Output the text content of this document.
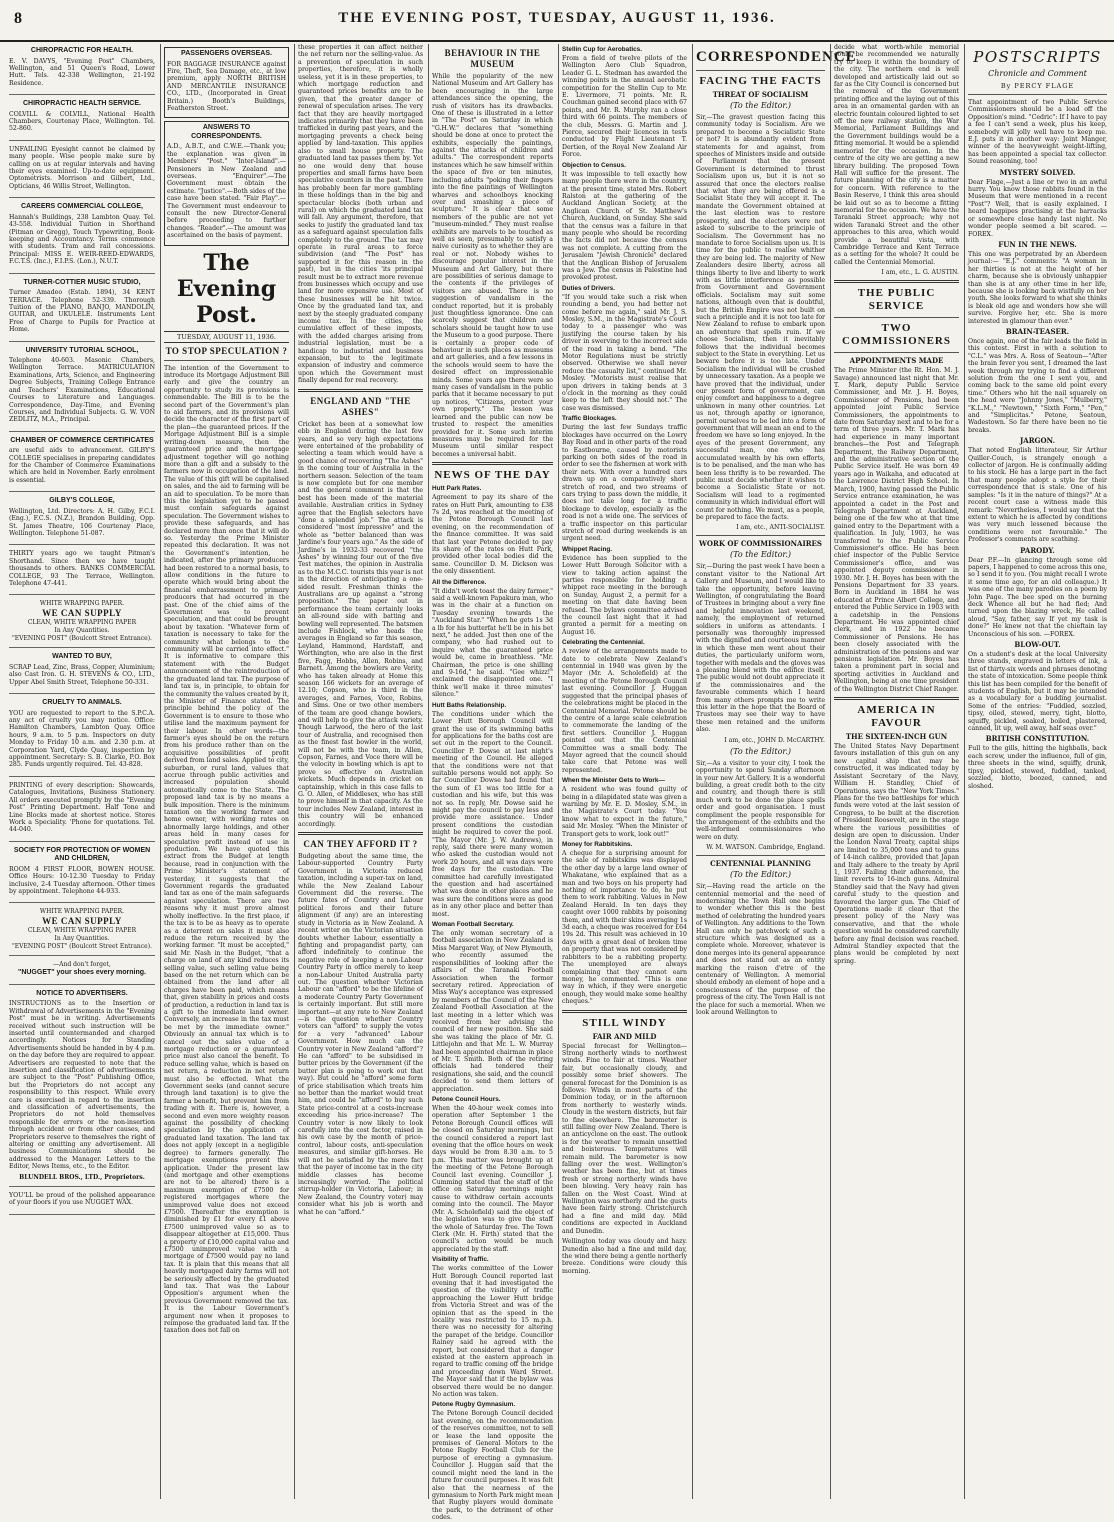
8	THE EVENING POST, TUESDAY, AUGUST 11, 1936.
CHIROPRACTIC FOR HEALTH.

E. V. DAVYS, "Evening Post" Chambers, Wellington, and 51 Queen's Road, Lower Hutt. Tels. 42-338 Wellington, 21-192 Residence.

CHIROPRACTIC HEALTH SERVICE.

COLVILL & COLVILL, National Health Chambers, Courtenay Place, Wellington. Tel. 52-860.

UNFAILING Eyesight cannot be claimed by many people. Wise people make sure by calling on us at regular intervals and having their eyes examined. Up-to-date equipment. Optometrists. Morrison and Gilbert, Ltd., Opticians, 46 Willis Street, Wellington.

CAREERS COMMERCIAL COLLEGE,

Hannah's Buildings, 238 Lambton Quay. Tel. 43-558. Individual Tuition in Shorthand (Pitman or Gregg), Touch Typewriting, Book-keeping and Accountancy. Terms commence with students. Tram and rail concessions. Principal: MISS E. WEIR-REED-EDWARDS, F.C.T.S. (Inc.), F.I.P.S. (Lon.), N.U.T.

TURNER-COTTIER MUSIC STUDIO,

Turner Amadeo (Estab. 1894), 34 KENT TERRACE. Telephone 52-339. Thorough Tuition of the PIANO, BANJO, MANDOLIN, GUITAR, and UKULELE. Instruments Lent Free of Charge to Pupils for Practice at Home.

UNIVERSITY TUTORIAL SCHOOL,

Telephone 40-603. Masonic Chambers, Wellington Terrace. MATRICULATION Examinations, Arts, Science, and Engineering Degree Subjects, Training College Entrance and Teachers' Examinations, Educational Courses to Literature and Languages. Correspondence, Day-Time, and Evening Courses, and Individual Subjects. G. W. VON ZEDLITZ, M.A., Principal.

CHAMBER OF COMMERCE CERTIFICATES

are useful aids to advancement. GILBY'S COLLEGE specialises in preparing candidates for the Chamber of Commerce Examinations which are held in November. Early enrolment is essential.

GILBY'S COLLEGE,

Wellington, Ltd. Directors: A. H. Gilby, F.C.I. (Eng.), F.C.S. (N.Z.), Brandon Building, Opp. St. James Theatre, 106 Courtenay Place, Wellington. Telephone 51-087.

THIRTY years ago we taught Pitman's Shorthand. Since then we have taught thousands to others. BANKS COMMERCIAL COLLEGE, 93 The Terrace, Wellington. Telephone 47-441.

WHITE WRAPPING PAPER.
WE CAN SUPPLY
CLEAN, WHITE WRAPPING PAPER
In Any Quantities.
"EVENING POST" (Boulcott Street Entrance).
WANTED TO BUY,

SCRAP Lead, Zinc, Brass, Copper, Aluminium; also Cast Iron. G. H. STEVENS & CO., LTD., Upper Abel Smith Street, Telephone 50-331.

CRUELTY TO ANIMALS.

YOU are requested to report to the S.P.C.A. any act of cruelty you may notice. Office: Hamilton Chambers, Lambton Quay. Office hours, 9 a.m. to 5 p.m. Inspectors on duty Monday to Friday 10 a.m. and 2.30 p.m. at Corporation Yard, Clyde Quay, inspection by appointment. Secretary: S. B. Clarke, P.O. Box 285. Funds urgently required. Tel. 43-828.

PRINTING of every description: Showcards, Catalogues, Invitations, Business Stationery. All orders executed promptly by the "Evening Post" Printing Department. Half Tone and Line Blocks made at shortest notice. Stores Work a Speciality. 'Phone for quotations. Tel. 44-040.

SOCIETY FOR PROTECTION OF WOMEN AND CHILDREN,

ROOM 4 FIRST FLOOR, BOWEN HOUSE. Office Hours: 10-12.30 Tuesday to Friday inclusive, 2-4 Tuesday afternoon. Other times by appointment. Telephone 44-933.

WHITE WRAPPING PAPER.
WE CAN SUPPLY
CLEAN, WHITE WRAPPING PAPER
In Any Quantities.
"EVENING POST" (Boulcott Street Entrance).
—And don't forget,
"NUGGET" your shoes every morning.
NOTICE TO ADVERTISERS.

INSTRUCTIONS as to the Insertion or Withdrawal of Advertisements in the "Evening Post" must be in writing. Advertisements received without such instruction will be inserted until countermanded and charged accordingly. Notices for Standing Advertisements should be handed in by 4 p.m. on the day before they are required to appear. Advertisers are requested to note that the insertion and classification of advertisements are subject to the "Post" Publishing Office, but the Proprietors do not accept any responsibility to this respect. While every care is exercised in regard to the insertion and classification of advertisements, the Proprietors do not hold themselves responsible for errors or the non-insertion through accident or from other causes, and Proprietors reserve to themselves the right of altering or omitting any advertisement. All business Communications should be addressed to the Manager. Letters to the Editor, News Items, etc., to the Editor.

BLUNDELL BROS., LTD., Proprietors.

YOU'LL be proud of the polished appearance of your floors if you use NUGGET WAX.

PASSENGERS OVERSEAS.

FOR BAGGAGE INSURANCE against Fire, Theft, Sea Damage, etc., at low premium, apply NORTH BRITISH AND MERCANTILE INSURANCE CO., LTD., (Incorporated in Great Britain.) Booth's Buildings, Featherston Street.

ANSWERS TO CORRESPONDENTS.

A.D., A.B.T., and C.W.E.—Thank you; the explanation was given in Members' "Post." "Inter-Island".—Pensioners in New Zealand and overseas. "Enquirer".—The Government must obtain the estimate. "Justice".—Both sides of the case have been stated. "Fair Play".—The Government must endeavour to consult the new Director-General before proceeding to further changes. "Reader".—The amount was ascertained on the basis of payment.

The Evening Post.
TUESDAY, AUGUST 11, 1936.
TO STOP SPECULATION ?

The intention of the Government to introduce its Mortgage Adjustment Bill early and give the country an opportunity to study its provisions is commendable. The Bill is to be the second part of the Government's plan to aid farmers, and its provisions will decide the character of the first part of the plan—the guaranteed prices. If the Mortgage Adjustment Bill is a simple writing-down measure, then the guaranteed price and the mortgage adjustment together will go nothing more than a gift and a subsidy to the farmers now in occupation of the land. The value of this gift will be capitalised on sales, and the aid to farming will be an aid to speculation. To be more than this the legislation yet to be passed must contain safeguards against speculation. The Government wishes to provide these safeguards, and has declared more than once that it will do so. Yesterday the Prime Minister repeated this declaration. It was not the Government's intention, he indicated, after the primary producers had been restored to a normal basis, to allow conditions in the future to operate which would bring about the financial embarrassment to primary producers that had occurred in the past. One of the chief aims of the Government was to prevent speculation, and that could be brought about by taxation. "Whatever form of taxation is necessary to take for the community what belongs to the community will be carried into effect." It is informative to compare this statement with the Budget announcement of the reintroduction of the graduated land tax. The purpose of land tax is, in principle, to obtain for the community the values created by it, the Minister of Finance stated. The principle behind the policy of the Government is to ensure to those who utilise land the maximum payment for their labour. In other words—the farmer's eyes should be on the return from his produce rather than on the acquisitive possibilities of profit derived from land sales. Applied to city, suburban, or rural land, values that accrue through public activities and increased population should automatically come to the State. The proposed land tax is by no means a bulk imposition. There is the minimum taxation on the working farmer and home owner, with working rates on abnormally large holdings, and other areas held in many cases for speculative profit instead of use in production. We have quoted this extract from the Budget at length because, read in conjunction with the Prime Minister's statement of yesterday, it suggests that the Government regards the graduated land tax as one of the main safeguards against speculation. There are two reasons why it must prove almost wholly ineffective. In the first place, if the tax is to be as heavy as to operate as a deterrent on sales it must also reduce the return received by the working farmer. "It must be accepted," said Mr. Nash in the Budget, "that a charge on land of any kind reduces its selling value, such selling value being based on the net return which can be obtained from the land after all charges have been paid, which means that, given stability in prices and costs of production, a reduction in land tax is a gift to the immediate land owner. Conversely, an increase in the tax must be met by the immediate owner." Obviously an annual tax which is to cancel out the sales value of a mortgage reduction or a guaranteed price must also cancel the benefit. To reduce selling value, which is based on net return, a reduction in net return must also be effected. What the Government seeks (and cannot secure through land taxation) is to give the farmer a benefit, but prevent him from trading with it. There is, however, a second and even more weighty reason against the possibility of checking speculation by the application of graduated land taxation. The land tax does not apply (except in a negligible degree) to farmers generally. The mortgage exemptions prevent this application. Under the present law (and mortgage and other exemptions are not to be altered) there is a maximum exemption of £7500 for registered mortgages where the unimproved value does not exceed £7500. Thereafter the exemption is diminished by £1 for every £1 above £7500 unimproved value so as to disappear altogether at £15,000. Thus a property of £10,000 capital value and £7500 unimproved value with a mortgage of £7500 would pay no land tax. It is plain that this means that all heavily mortgaged dairy farms will not be seriously affected by the graduated land tax. That was the Labour Opposition's argument when the previous Government removed the tax. It is the Labour Government's argument now when it proposes to reimpose the graduated land tax. If the taxation does not fall on

these properties it can affect neither the net return nor the selling-value. As a prevention of speculation in such properties, therefore, it is wholly useless, yet it is in these properties, to which mortgage reduction and guaranteed prices benefits are to be given, that the greater danger of renewal of speculation arises. The very fact that they are heavily mortgaged indicates primarily that they have been trafficked in during past years, and the mortgaging prevents a check being applied by land-taxation. This applies also to small house property. The graduated land tax passes them by. Yet no one would deny that house properties and small farms have been speculative counters in the past. There has probably been far more gambling in these holdings than in the big and spectacular blocks (both urban and rural) on which the graduated land tax will fall. Any argument, therefore, that seeks to justify the graduated land tax as a safeguard against speculation falls completely to the ground. The tax may operate in rural areas to force subdivision (and "The Post" has supported it for this reason in the past), but in the cities 'its principal result must be to extract more revenue from businesses which occupy and use land for more expensive use. Most of these businesses will be hit twice. Once by the graduated land tax, and next by the steeply graduated company income tax. In the cities, the cumulative effect of these imposts, with the added charges arising from industrial legislation, must be a handicap to industrial and business expansion, but to the legitimate expansion of industry and commerce upon which the Government must finally depend for real recovery.

ENGLAND AND "THE ASHES"

Cricket has been at a somewhat low ebb in England during the last few years, and so very high expectations were entertained of the probability of selecting a team which would have a good chance of recovering "The Ashes" in the coming tour of Australia in the northern season. Selection of the team is now complete but for one member and the general comment is that the best has been made of the material available. Australian critics in Sydney agree that the English selectors have "done a splendid job." The attack is considered "most impressive" and the whole as "better balanced than was Jardine's four years ago." As the side of Jardine's in 1932-33 recovered "the Ashes" by winning four out of the five Test matches, the opinion in Australia as to the M.C.C. tourists this year is not in the direction of anticipating a one-sided result. Freshman thinks the Australians are up against a "strong proposition." The paper out in performance the team certainly looks an all-round side with batting and bowling well represented. The batsmen include Fishlock, who heads the averages in England so far this season, Leyland, Hammond, Hardstaff, and Worthington, who are also in the first five, Fagg, Hobbs, Allen, Robins, and Barnett. Among the bowlers are Verity, who has taken already at Home this season 166 wickets for an average of 12.10; Copson, who is third in the averages, and Farnes, Voce, Robins, and Sims. One or two other members of the team are good change bowlers, and will help to give the attack variety. Though Larwood, the hero of the last tour of Australia, and recognised then as the finest fast bowler in the world, will not be with the team, in Allen, Copson, Farnes, and Voce there will be the velocity in bowling which is apt to prove so effective on Australian wickets. Much depends in cricket on captainship, which in this case falls to G. O. Allen, of Middlesex, who has still to prove himself in that capacity. As the tour includes New Zealand, interest in this country will be enhanced accordingly.

CAN THEY AFFORD IT ?

Budgeting about the same time, the Labour-supported Country Party Government in Victoria reduced taxation, including a super-tax on land, while the New Zealand Labour Government did the reverse. The future fates of Country and Labour political forces and their future alignment (if any) are an interesting study in Victoria as in New Zealand. A recent writer on the Victorian situation doubts whether Labour, essentially a fighting and propagandist party, can afford indefinitely to continue the negative role of keeping a non-Labour Country Party in office merely to keep a non-Labour United Australia party out. The question whether Victorian Labour can "afford" to be the lifeline of a moderate Country Party Government is certainly important. But still more important—at any rate to New Zealand—is the question whether Country voters can "afford" to supply the votes for a very "advanced" Labour Government. How much can the Country voter in New Zealand "afford"? He can "afford" to be subsidised in butter prices by the Government (if the butter plan is going to work out that way). But could he "afford" some form of price stabilisation which treats him no better than the market would treat him, and could he "afford" to buy such State price-control at a costs-increase exceeding his price-increase? The Country voter is now likely to look carefully into the cost factor, raised in his own case by the month of price-control, labour costs, anti-speculation measures, and similar gift-horses. He will not be satisfied by the mere fact that the payer of income tax in the city middle classes has become increasingly worried. The political stirrup-holder (in Victoria, Labour; in New Zealand, the Country voter) may consider what his job is worth and what he can "afford."

BEHAVIOUR IN THE MUSEUM

While the popularity of the new National Museum and Art Gallery has been encouraging in the large attendances since the opening, the rush of visitors has its drawbacks. One of these is illustrated in a letter in "The Post" on Saturday in which "G.H.W." declares that "something should be done at once to protect the exhibits, especially the paintings, against the attacks of children and adults." The correspondent reports instances which he saw himself within the space of five or ten minutes, including adults "poking their fingers into the fine paintings of Wellington wharves and schoolboys knocking over and smashing a piece of sculpture." It is clear that some members of the public are not yet "museum-minded." They must realise exhibits are marvels to be touched as well as seen, presumably to satisfy a naive curiosity as to whether they are real or not. Nobody wishes to discourage popular interest in the Museum and Art Gallery, but there are possibilities of serious damage to the contents if the privileges of visitors are abused. There is no suggestion of vandalism in the conduct reported, but it is probably just thoughtless ignorance. One can scarcely suggest that children and scholars should be taught how to use the Museum to a good purpose. There is certainly a proper code of behaviour in such places as museums and art galleries, and a few lessons in the schools would seem to have the desired effect on impressionable minds. Some years ago there were so many cases of vandalism in the public parks that it became necessary to put up notices, "Citizens, protect your own property." The lesson was learned and the public can now be trusted to respect the amenities provided for it. Some such interim measures may be required for the Museum until similar respect becomes a universal habit.

NEWS OF THE DAY
Hutt Park Rates.

Agreement to pay its share of the rates on Hutt Park, amounting to £38 7s 2d, was reached at the meeting of the Petone Borough Council last evening, on the recommendation of the finance committee. It was said that last year Petone decided to pay its share of the rates on Hutt Park, provided other local bodies did the same. Councillor D. M. Dickson was the only dissentient.

All the Difference.

"It didn't work toast the dairy farmer," said a well-known Papakura man, who was in the chair at a function on Tuesday evening towards the "Auckland Star." "When he gets 1s 3d a lb for his butterfat he'll be in his bet next," he added. Just then one of the company, who had rushed out to inquire what the guaranteed price would be, came in breathless. "Mr. Chairman, the price is one shilling and 9-16d," he said. "Gee whizz!" exclaimed the disappointed one. "I think we'll make it three minutes' silence."

Hutt Baths Relationship.

The conditions under which the Lower Hutt Borough Council will grant the use of its swimming baths for applications for the baths cost are set out in the report to the Council. Councillor P. Dowse at last night's meeting of the Council. He alleged that the conditions were not that suitable persons would not apply. So far Councillor Dowse had found that the sum of £1 was too little for a custodian and his wife, but this was not so. In reply, Mr. Dowse said he might pay the council to pay less and provide more assistance. Under present conditions the custodian might be required to cover the pool. "The Mayor (Mr. J. W. Andrews), in reply, said there were many women who asked the custodian would not work 20 hours, and all was days were free days for the custodian. The committee had carefully investigated the question and had ascertained what was done in other places and he was sure the conditions were as good as in any other place and better than most.

Woman Football Secretary.

The only woman secretary of a football association in New Zealand is Miss Margaret Way, of New Plymouth, who recently assumed the responsibilities of looking after the affairs of the Taranaki Football Association when the former secretary retired. Appreciation of Miss Way's acceptance was expressed by members of the Council of the New Zealand Football Association at the last meeting in a letter which was received from her advising the council of her new position. She said she was taking the place of Mr. G. Littlejohn and that Mr. L. W. Murray had been appointed chairman in place of Mr. T. Smith. Both of the retiring officials had tendered their resignations, she said, and the council decided to send them letters of appreciation.

Petone Council Hours.

When the 40-hour week comes into operation after September 1 the Petone Borough Council offices will be closed on Saturday mornings, but the council considered a report last evening that the office hours on week days would be from 8.30 a.m. to 5 p.m. This matter was brought up at the meeting of the Petone Borough Council last evening. Councillor J. Cumming stated that the staff of the office on Saturday mornings might cause to withdraw certain accounts coming into the council. The Mayor (Mr. A. Scholefield) said the object of the legislation was to give the staff the whole of Saturday free. The Town Clerk (Mr. H. Firth) stated that the council's action would be much appreciated by the staff.

Visibility of Traffic.

The works committee of the Lower Hutt Borough Council reported last evening that it had investigated the question of the visibility of traffic approaching the Lower Hutt bridge from Victoria Street and was of the opinion that as the speed in the locality was restricted to 15 m.p.h. there was no necessity for altering the parapet of the bridge. Councillor Rainey said he agreed with the report, but considered that a danger existed at the eastern approach in regard to traffic coming off the bridge and proceeding down Ward Street. The Mayor said that if the bylaw was observed there would be no danger. No action was taken.

Petone Rugby Gymnasium.

The Petone Borough Council decided last evening, on the recommendation of the reserves committee, not to sell or lease the land opposite the premises of General Motors to the Petone Rugby Football Club for the purpose of erecting a gymnasium. Councillor J. Huggan said that the council might need the land in the future for council purposes. It was felt also that the nearness of the gymnasium to North Park might mean that Rugby players would dominate the park, to the detriment of other codes.

Stellin Cup for Aerobatics.

From a field of twelve pilots of the Wellington Aero Club Squadron, Leader G. L. Stedman has awarded the winning points in the annual aerobatic competition for the Stellin Cup to Mr. E. Livermore, 71 points. Mr. R. Couchman gained second place with 67 points, and Mr. R. Murphy ran a close third with 66 points. The members of the club, Messrs. G. Martin and J. Pierce, secured their licences in tests conducted by Flight Lieutenant T. Dertien, of the Royal New Zealand Air Force.

Objection to Census.

It was impossible to tell exactly how many people there were in the country, at the present time, stated Mrs. Robert Ralston at the gathering of the Auckland Anglican Society, at the Anglican Church of St. Matthew's Church, Auckland, on Sunday. She said that the census was a failure in that many people who should be recording the facts did not because the census was not complete. A cutting from the Jerusalem "Jewish Chronicle" declared that the Anglican Bishop of Jerusalem was a Jew. The census in Palestine had provoked protest.

Duties of Drivers.

"If you would take such a risk when rounding a bend, you had better not come before me again," said Mr. J. S. Mosley, S.M., in the Magistrate's Court today to a passenger who was justifying the course taken by his driver in swerving to the incorrect side of the road in taking a bend. "The Motor Regulations must be strictly observed. Otherwise we shall never reduce the casualty list," continued Mr. Mosley. "Motorists must realise that upon drivers in taking bends at 3 o'clock in the morning as they could keep to the left they should not." The case was dismissed.

Traffic Blockages.

During the last few Sundays traffic blockages have occurred on the Lowry Bay Road and in other parts of the road to Eastbourne, caused by motorists parking on both sides of the road in order to see the fishermen at work with their nets. With over a hundred cars drawn up on a comparatively short stretch of road, and two streams of cars trying to pass down the middle, it does not take long for a traffic blockage to develop, especially as the road is not a wide one. The services of a traffic inspector on this particular stretch of road during weekends is an urgent need.

Whippet Racing.

Evidence has been supplied to the Lower Hutt Borough Solicitor with a view to taking action against the parties responsible for holding a whippet race meeting in the borough on Sunday, August 2, a permit for a meeting on that date having been refused. The bylaws committee advised the council last night that it had granted a permit for a meeting on August 16.

Celebrating the Centennial.

A review of the arrangements made to date to celebrate New Zealand's centennial in 1940 was given by the Mayor (Mr. A. Scholefield) at the meeting of the Petone Borough Council last evening. Councillor J. Huggan suggested that the principal phases of the celebrations might be placed in the Centennial Memorial. Petone should be the centre of a large scale celebration to commemorate the landing of the first settlers. Councillor J. Huggan pointed out that the Centennial Committee was a small body. The Mayor agreed that the council should take care that Petone was well represented.

When the Minister Gets to Work—

A resident who was found guilty of being in a dilapidated state was given a warning by Mr. E. D. Mosley, S.M., in the Magistrate's Court today. "You know what to expect in the future," said Mr. Mosley. "When the Minister of Transport gets to work, look out!"

Money for Rabbitskins.

A cheque for a surprising amount for the sale of rabbitskins was displayed the other day by a large land owner of Whakatane, who explained that as a man and two boys on his property had nothing of importance to do, he put them to work rabbiting. Values in New Zealand Herald. In ten days they caught over 1000 rabbits by poisoning them, and with their skins averaging 1s 3d each, a cheque was received for £64 19s 2d. This result was achieved in 10 days with a great deal of broken time on property that was not considered by rabbiters to be a rabbiting property. The unemployed are always complaining that they cannot earn money, he commented. "This is one way in which, if they were energetic enough, they would make some healthy cheques."

STILL WINDY
FAIR AND MILD

Special forecast for Wellington— Strong northerly winds to northwest winds. Fine to fair at times. Weather fair, but occasionally cloudy, and possibly some brief showers. The general forecast for the Dominion is as follows: Winds in most parts of the Dominion today, or in the afternoon from northerly to westerly winds. Cloudy in the western districts, but fair to fine elsewhere. The barometer is still falling over New Zealand. There is an anticyclone on the east. The outlook is for the weather to remain unsettled and boisterous. Temperatures will remain mild. The barometer is now falling over the west. Wellington's weather has been fine, but at times fresh or strong northerly winds have been blowing. Very heavy rain has fallen on the West Coast. Wind at Wellington was northerly and the gusts have been fairly strong. Christchurch had a fine and mild day. Mild conditions are expected in Auckland and Dunedin.

Wellington today was cloudy and hazy. Dunedin also had a fine and mild day, the wind there being a gentle northerly breeze. Conditions were cloudy this morning.

CORRESPONDENCE
FACING THE FACTS
THREAT OF SOCIALISM
(To the Editor.)

Sir,—The gravest question facing this community today is Socialism. Are we prepared to become a Socialistic State or not? It is abundantly evident from statements for and against, from speeches of Ministers inside and outside of Parliament that the present Government is determined to thrust Socialism upon us, but it is not so assured that once the electors realise that what they are being offered is a Socialist State they will accept it. The mandate the Government obtained at the last election was to restore prosperity, and the electors were not asked to subscribe to the principle of Socialism. The Government has no mandate to force Socialism upon us. It is time for the public to realise whither they are being led. The majority of New Zealanders desire liberty, across all things liberty to live and liberty to work with as little interference as possible from Government and Government officials. Socialism may suit some nations, although even that is doubtful, but the British Empire was not built on such a principle and it is not too late for New Zealand to refuse to embark upon an adventure that spells ruin. If we choose Socialism, then it inevitably follows that the individual becomes subject to the State in everything. Let us beware before it is too late. Under Socialism the individual will be crushed by unnecessary taxation. As a people we have proved that the individual, under our present form of government, can enjoy comfort and happiness to a degree unknown in many other countries. Let us not, through apathy or ignorance, permit ourselves to be led into a form of government that will mean an end to the freedom we have so long enjoyed. In the eyes of the present Government, any successful man, one who has accumulated wealth by his own efforts, is to be penalised, and the man who has been less thrifty is to be rewarded. The public must decide whether it wishes to become a Socialistic State or not. Socialism will lead to a regimented community in which individual effort will count for nothing. We must, as a people, be prepared to face the facts.

I am, etc., ANTI-SOCIALIST.
WORK OF COMMISSIONAIRES
(To the Editor.)

Sir,—During the past week I have been a constant visitor to the National Art Gallery and Museum, and I would like to take the opportunity, before leaving Wellington, of congratulating the Board of Trustees in bringing about a very fine and helpful innovation last weekend, namely, the employment of returned soldiers in uniform as attendants. I personally was thoroughly impressed with the dignified and courteous manner in which these men went about their duties, the particularly uniform worn, together with medals and the gloves was a pleasing blend with the edifice itself. The public would not doubt appreciate it if the commissionaires and the favourable comments which I heard from many others prompts me to write this letter in the hope that the Board of Trustees may see their way to have these men retained and the uniform also.

I am, etc., JOHN D. McCARTHY.
(To the Editor.)

Sir,—As a visitor to your city, I took the opportunity to spend Sunday afternoon in your new Art Gallery. It is a wonderful building, a great credit both to the city and country, and though there is still much work to be done the place spells order and good organisation. I must compliment the people responsible for the arrangement of the exhibits and the well-informed commissionaires who were on duty.

W. M. WATSON. Cambridge, England.
CENTENNIAL PLANNING
(To the Editor.)

Sir,—Having read the article on the centennial memorial and the need of modernising the Town Hall one begins to wonder whether this is the best method of celebrating the hundred years of Wellington. Any additions to the Town Hall can only be patchwork of such a structure which was designed as a complete whole. Moreover, whatever is done merges into its general appearance and does not stand out as an entity marking the raison d'etre of the centenary of Wellington. A memorial should embody an element of hope and a consciousness of the purpose of the progress of the city. The Town Hall is not the place for such a memorial. When we look around Wellington to

decide what worth-while memorial could be recommended we naturally try to keep it within the boundary of the city. The northern end is well developed and artistically laid out so far as the City Council is concerned but the removal of the Government printing office and the laying out of this area in an ornamental garden with an electric fountain coloured lighted to set off the new railway station, the War Memorial, Parliament Buildings and the Government buildings would be a fitting memorial. It would be a splendid memorial for the occasion. In the centre of the city we are getting a new library building. The proposed Town Hall will suffice for the present. The future planning of the city is a matter for concern. With reference to the Basin Reserve, I think this area should be laid out so as to become a fitting memorial for the occasion. We have the Taranaki Street approach; why not widen Taranaki Street and the other approaches to this area, which would provide a beautiful vista, with Cambridge Terrace and Kent Terrace as a setting for the whole? It could be called the Centennial Memorial.

I am, etc., L. G. AUSTIN.
THE PUBLIC SERVICE
TWO COMMISSIONERS
APPOINTMENTS MADE

The Prime Minister (the Rt. Hon. M. J. Savage) announced last night that Mr. T. Mark, deputy Public Service Commissioner, and Mr. J. H. Boyes, Commissioner of Pensions, had been appointed joint Public Service Commissioners, the appointments to date from Saturday next and to be for a term of three years. Mr. T. Mark has had experience in many important branches—the Post and Telegraph Department, the Railway Department, and the administrative section of the Public Service itself. He was born 49 years ago in Waikaha, and educated at the Lawrence District High School. In March, 1900, having passed the Public Service entrance examination, he was appointed a cadet in the Post and Telegraph Department at Auckland, being one of the few who at that time gained entry to the Department with a qualification. In July, 1903, he was transferred to the Public Service Commissioner's office. He has been chief inspector of the Public Service Commissioner's office, and was appointed deputy commissioner in 1930. Mr. J. H. Boyes has been with the Pensions Department for 33 years. Born in Auckland in 1884 he was educated at Prince Albert College, and entered the Public Service in 1903 with a cadetship in the Pensions Department. He was appointed chief clerk, and in 1922 he became Commissioner of Pensions. He has been closely associated with the administration of the pensions and war pensions legislation. Mr. Boyes has taken a prominent part in social and sporting activities in Auckland and Wellington, being at one time president of the Wellington District Chief Ranger.

AMERICA IN FAVOUR
THE SIXTEEN-INCH GUN

The United States Navy Department favours installation of this gun on any new capital ship that may be constructed, it was indicated today by Assistant Secretary of the Navy, William H. Standley, Chief of Operations, says the "New York Times." Plans for the two battleships for which funds were voted at the last session of Congress, to be built at the discretion of President Roosevelt, are in the stage where the various possibilities of design are open to discussion. Under the London Naval Treaty, capital ships are limited to 35,000 tons and to guns of 14-inch calibre, provided that Japan and Italy adhere to the treaty by April 1, 1937. Failing their adherence, the limit reverts to 16-inch guns. Admiral Standley said that the Navy had given careful study to the question and favoured the larger gun. The Chief of Operations made it clear that the present policy of the Navy was conservative, and that the whole question would be considered carefully before any final decision was reached. Admiral Standley expected that the plans would be completed by next spring.

POSTSCRIPTS
Chronicle and Comment
By PERCY FLAGE

That appointment of two Public Service Commissioners should be a load off the Opposition's mind. "Cedric": If I have to pay a fee I can't send a week, plus his keep, somebody will jolly well have to keep me. E.J. puts it in another way: Joint Manger, winner of the heavyweight weight-lifting, has been appointed a special tax collector. Sound reasoning, too!

MYSTERY SOLVED.

Dear Flage,—Just a line or two in an awful hurry. You know those rabbits found in the Museum that were mentioned in a recent "Post"? Well, that is easily explained. I heard bagpipes practising at the barracks or somewhere close handy last night. No wonder people seemed a bit scared. —FOREX.

FUN IN THE NEWS.

This one was perpetrated by an Aberdeen journal:— "E.J." comments: "A woman in her thirties is not at the height of her charm, because she is obviously unhappier than she is at any other time in her life, because she is looking back wistfully on her youth. She looks forward to what she thinks is bleak old age and wonders how she will survive. Forgive her, etc. She is more interested in glamour than ever."

BRAIN-TEASER.

Once again, one of the fair leads the field in this contest. First in with a solution to "C.L." was Mrs. A. Ross of Seatoun—"After the brain fever you sent, I dreamed the last week through my trying to find a different solution from the one I sent you, and coming back to the same old point every time." Others who hit the nail squarely on the head were "Johnny Jones," "Mulberry," "K.L.M.," "Newtown," "Sixth Form," "Pen," and "Simplicitas." Petone, Seatoun, Wadestown. So far there have been no tie breaks.

JARGON.

That noted English litterateur, Sir Arthur Quiller-Couch, is strangely enough a collector of jargon. He is continually adding to his stock. He has a large part in the fact that many people adopt a style for their correspondence that is stale. One of his samples: "Is it in the nature of things?" At a recent court case a witness made this remark: "Nevertheless, I would say that the extent to which he is affected by conditions was very much lessened because the conditions were not favourable." The Professor's comments are scathing.

PARODY.

Dear P.F.—In glancing through some old papers, I happened to come across this one, so I send it to you. (You might recall I wrote it some time ago, for an old colleague.) It was one of the many parodies on a poem by John Page. The bee sped on the burning deck Whence all but he had fled; And turned upon the blazing wreck, He called aloud, "Say, father, say If yet my task is done?" He knew not that the chieftain lay Unconscious of his son. —FOREX.

BLOW-OUT.

On a student's desk at the local University three stands, engraved in letters of ink, a list of thirty-six words and phrases denoting the state of intoxication. Some people think this list has been compiled for the benefit of students of English, but it may be intended as a vocabulary for a budding journalist. Some of the entries: "Fuddled, sozzled, tipsy, oiled, stewed, merry, tight, blotto, squiffy, pickled, soaked, boiled, plastered, canned, lit up, well away, half seas over."

BRITISH CONSTITUTION.

Full to the gills, hitting the highballs, back each screw, under the influence, full of gin, three sheets in the wind, squiffy, drunk, tipsy, pickled, stewed, fuddled, tanked, sozzled, blotto, boozed, canned, and sloshed.
